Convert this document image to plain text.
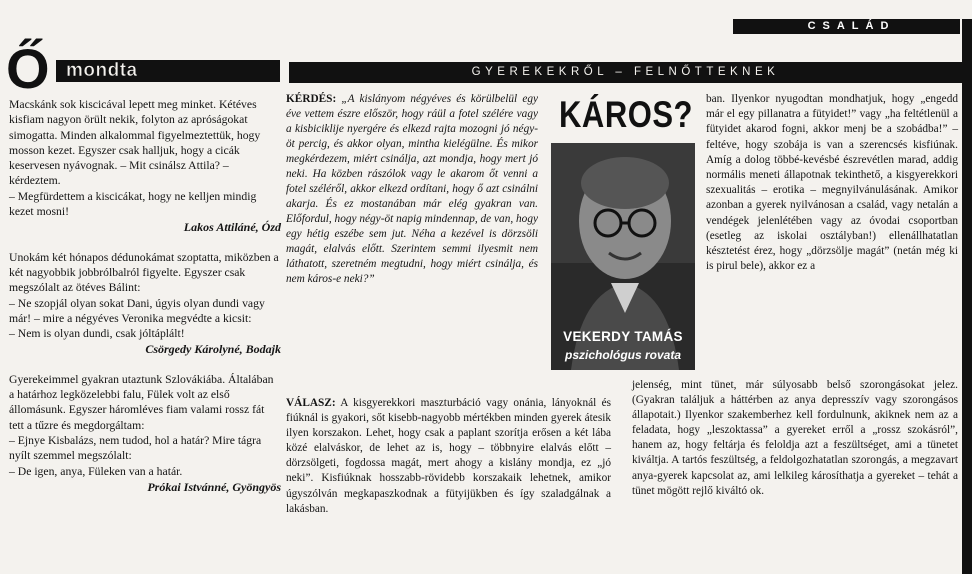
CSALÁD
Ő mondta

Macskánk sok kiscicával lepett meg minket. Kétéves kisfiam nagyon örült nekik, folyton az apróságokat simogatta. Minden alkalommal figyelmeztettük, hogy mosson kezet. Egyszer csak halljuk, hogy a cicák keservesen nyávognak. – Mit csinálsz Attila? – kérdeztem.
– Megfürdettem a kiscicákat, hogy ne kelljen mindig kezet mosni!

Lakos Attiláné, Ózd

Unokám két hónapos dédunokámat szoptatta, miközben a két nagyobbik jobbrólbalról figyelte. Egyszer csak megszólalt az ötéves Bálint:
– Ne szopjál olyan sokat Dani, úgyis olyan dundi vagy már! – mire a négyéves Veronika megvédte a kicsit:
– Nem is olyan dundi, csak jóltáplált!

Csörgedy Károlyné, Bodajk

Gyerekeimmel gyakran utaztunk Szlovákiába. Általában a határhoz legközelebbi falu, Fülek volt az első állomásunk. Egyszer háromléves fiam valami rossz fát tett a tűzre és megdorgáltam:
– Ejnye Kisbalázs, nem tudod, hol a határ? Mire tágra nyílt szemmel megszólalt:
– De igen, anya, Füleken van a határ.

Prókai Istvánné, Gyöngyös

GYEREKEKRŐL – FELNŐTTEKNEK

KÉRDÉS: „A kislányom négyéves és körülbelül egy éve vettem észre először, hogy ráül a fotel szélére vagy a kisbiciklije nyergére és elkezd rajta mozogni jó négy-öt percig, és akkor olyan, mintha kielégülne. És mikor megkérdezem, miért csinálja, azt mondja, hogy mert jó neki. Ha közben rászólok vagy le akarom őt venni a fotel széléről, akkor elkezd ordítani, hogy ő azt csinálni akarja. És ez mostanában már elég gyakran van. Előfordul, hogy négy-öt napig mindennap, de van, hogy egy hétig eszébe sem jut. Néha a kezével is dörzsöli magát, elalvás előtt. Szerintem semmi ilyesmit nem láthatott, szeretném megtudni, hogy miért csinálja, és nem káros-e neki?”

KÁROS?
VEKERDY TAMÁS
pszichológus rovata

VÁLASZ: A kisgyerekkori maszturbáció vagy onánia, lányoknál és fiúknál is gyakori, sőt kisebb-nagyobb mértékben minden gyerek átesik ilyen korszakon. Lehet, hogy csak a paplant szorítja erősen a két lába közé elalváskor, de lehet az is, hogy – többnyire elalvás előtt – dörzsölgeti, fogdossa magát, mert ahogy a kislány mondja, ez „jó neki”. Kisfiúknak hosszabb-rövidebb korszakaik lehetnek, amikor úgyszólván megkapaszkodnak a fütyijükben és így szaladgálnak a lakásban.

ban. Ilyenkor nyugodtan mondhatjuk, hogy „engedd már el egy pillanatra a fütyidet!” vagy „ha feltétlenül a fütyidet akarod fogni, akkor menj be a szobádba!” – feltéve, hogy szobája is van a szerencsés kisfiúnak. Amíg a dolog többé-kevésbé észrevétlen marad, addig normális meneti állapotnak tekinthető, a kisgyerekkori szexualitás – erotika – megnyilvánulásának. Amikor azonban a gyerek nyilvánosan a család, vagy netalán a vendégek jelenlétében vagy az óvodai csoportban (esetleg az iskolai osztályban!) ellenállhatatlan késztetést érez, hogy „dörzsölje magát” (netán még ki is pirul bele), akkor ez a

jelenség, mint tünet, már súlyosabb belső szorongásokat jelez. (Gyakran találjuk a háttérben az anya depresszív vagy szorongásos állapotait.) Ilyenkor szakemberhez kell fordulnunk, akiknek nem az a feladata, hogy „leszoktassa” a gyereket erről a „rossz szokásról”, hanem az, hogy feltárja és feloldja azt a feszültséget, ami a tünetet kiváltja. A tartós feszültség, a feldolgozhatatlan szorongás, a megzavart anya-gyerek kapcsolat az, ami lelkileg károsíthatja a gyereket – tehát a tünet mögött rejlő kiváltó ok.
